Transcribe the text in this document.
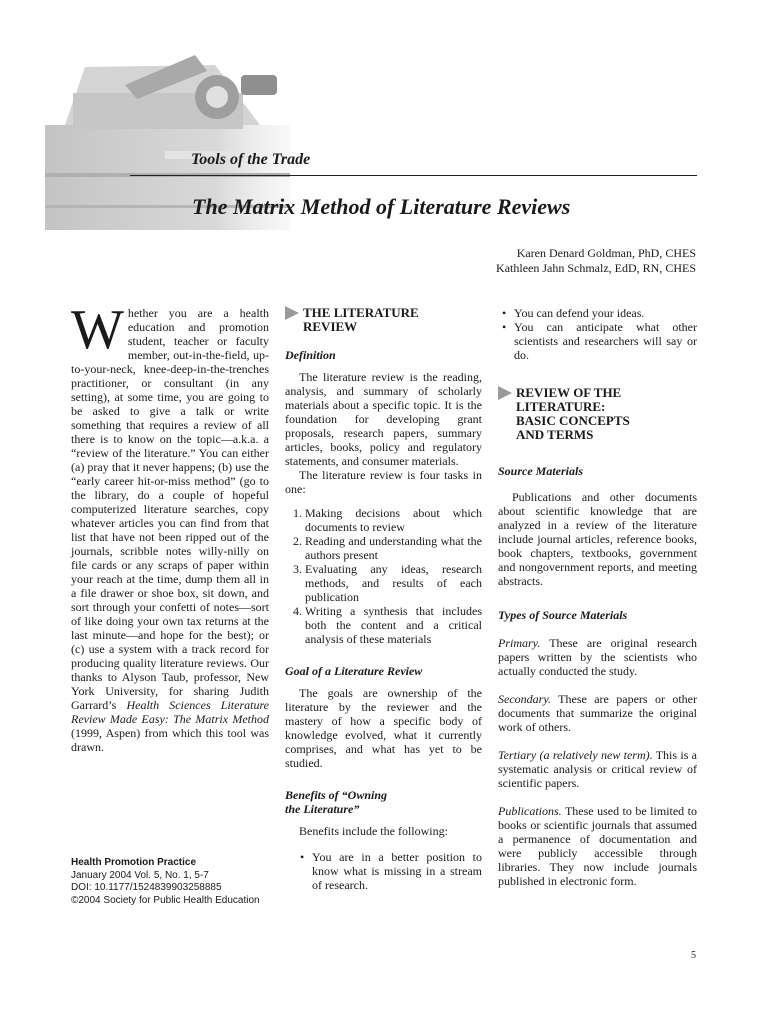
Tools of the Trade
The Matrix Method of Literature Reviews
Karen Denard Goldman, PhD, CHES
Kathleen Jahn Schmalz, EdD, RN, CHES

Whether you are a health education and promotion student, teacher or faculty member, out-in-the-field, up-to-your-neck, knee-deep-in-the-trenches practitioner, or consultant (in any setting), at some time, you are going to be asked to give a talk or write something that requires a review of all there is to know on the topic—a.k.a. a “review of the literature.” You can either (a) pray that it never happens; (b) use the “early career hit-or-miss method” (go to the library, do a couple of hopeful computerized literature searches, copy whatever articles you can find from that list that have not been ripped out of the journals, scribble notes willy-nilly on file cards or any scraps of paper within your reach at the time, dump them all in a file drawer or shoe box, sit down, and sort through your confetti of notes—sort of like doing your own tax returns at the last minute—and hope for the best); or (c) use a system with a track record for producing quality literature reviews. Our thanks to Alyson Taub, professor, New York University, for sharing Judith Garrard’s Health Sciences Literature Review Made Easy: The Matrix Method (1999, Aspen) from which this tool was drawn.

Health Promotion Practice
January 2004 Vol. 5, No. 1, 5-7
DOI: 10.1177/1524839903258885
©2004 Society for Public Health Education
THE LITERATURE
REVIEW
Definition

The literature review is the reading, analysis, and summary of scholarly materials about a specific topic. It is the foundation for developing grant proposals, research papers, summary articles, books, policy and regulatory statements, and consumer materials.

The literature review is four tasks in one:

1. Making decisions about which documents to review
2. Reading and understanding what the authors present
3. Evaluating any ideas, research methods, and results of each publication
4. Writing a synthesis that includes both the content and a critical analysis of these materials
Goal of a Literature Review

The goals are ownership of the literature by the reviewer and the mastery of how a specific body of knowledge evolved, what it currently comprises, and what has yet to be studied.

Benefits of “Owning
the Literature”

Benefits include the following:

• You are in a better position to know what is missing in a stream of research.
• You can defend your ideas.
• You can anticipate what other scientists and researchers will say or do.
REVIEW OF THE
LITERATURE:
BASIC CONCEPTS
AND TERMS
Source Materials

Publications and other documents about scientific knowledge that are analyzed in a review of the literature include journal articles, reference books, book chapters, textbooks, government and nongovernment reports, and meeting abstracts.

Types of Source Materials

Primary. These are original research papers written by the scientists who actually conducted the study.

Secondary. These are papers or other documents that summarize the original work of others.

Tertiary (a relatively new term). This is a systematic analysis or critical review of scientific papers.

Publications. These used to be limited to books or scientific journals that assumed a permanence of documentation and were publicly accessible through libraries. They now include journals published in electronic form.

5
